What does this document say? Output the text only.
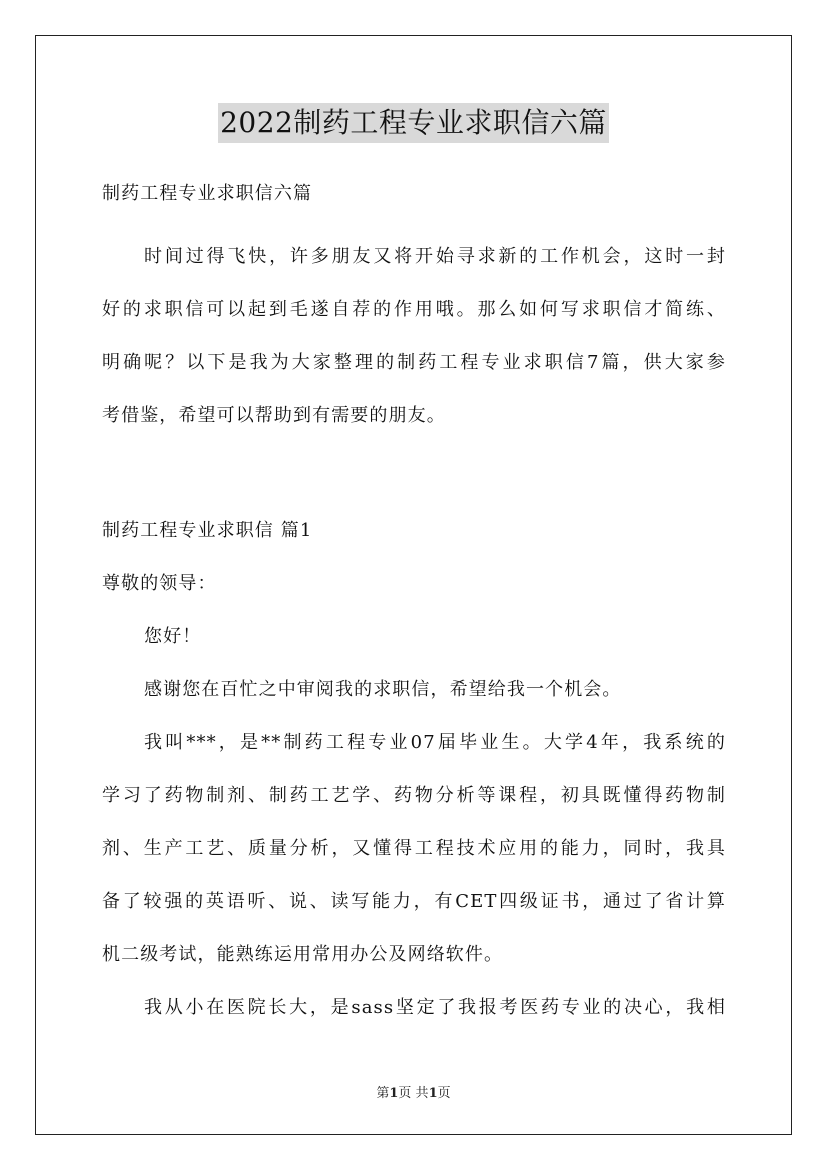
2022制药工程专业求职信六篇
制药工程专业求职信六篇
时间过得飞快，许多朋友又将开始寻求新的工作机会，这时一封
好的求职信可以起到毛遂自荐的作用哦。那么如何写求职信才简练、
明确呢？以下是我为大家整理的制药工程专业求职信7篇，供大家参
考借鉴，希望可以帮助到有需要的朋友。
制药工程专业求职信 篇1
尊敬的领导：
您好！
感谢您在百忙之中审阅我的求职信，希望给我一个机会。
我叫***，是**制药工程专业07届毕业生。大学4年，我系统的
学习了药物制剂、制药工艺学、药物分析等课程，初具既懂得药物制
剂、生产工艺、质量分析，又懂得工程技术应用的能力，同时，我具
备了较强的英语听、说、读写能力，有CET四级证书，通过了省计算
机二级考试，能熟练运用常用办公及网络软件。
我从小在医院长大，是sass坚定了我报考医药专业的决心，我相
第1页 共1页
